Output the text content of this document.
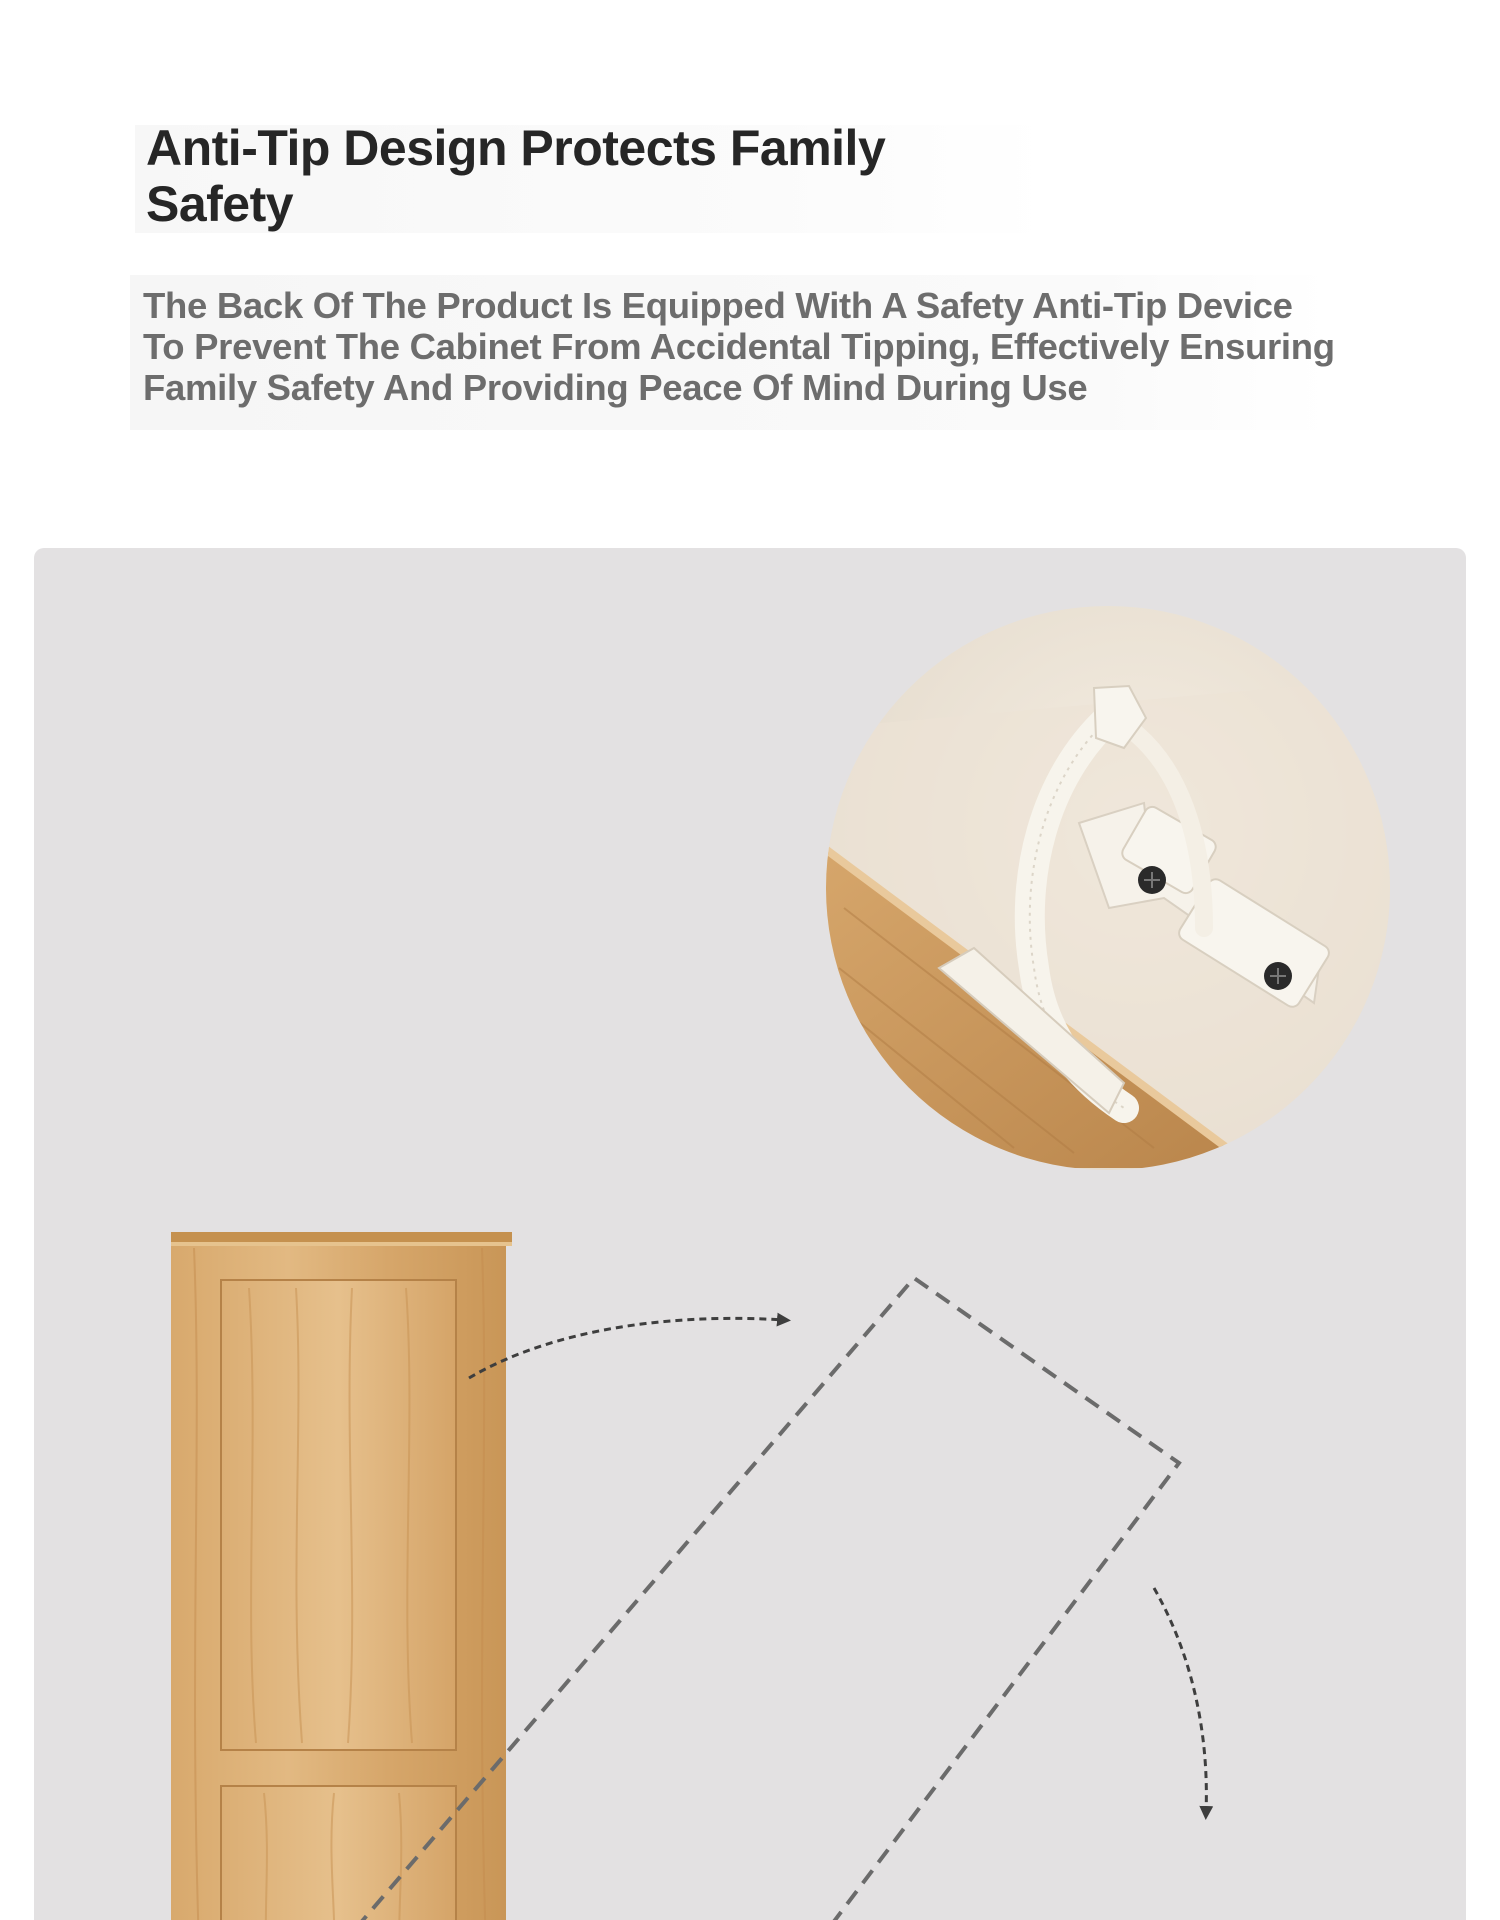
Anti-Tip Design Protects Family Safety

The Back Of The Product Is Equipped With A Safety Anti-Tip Device To Prevent The Cabinet From Accidental Tipping, Effectively Ensuring Family Safety And Providing Peace Of Mind During Use
